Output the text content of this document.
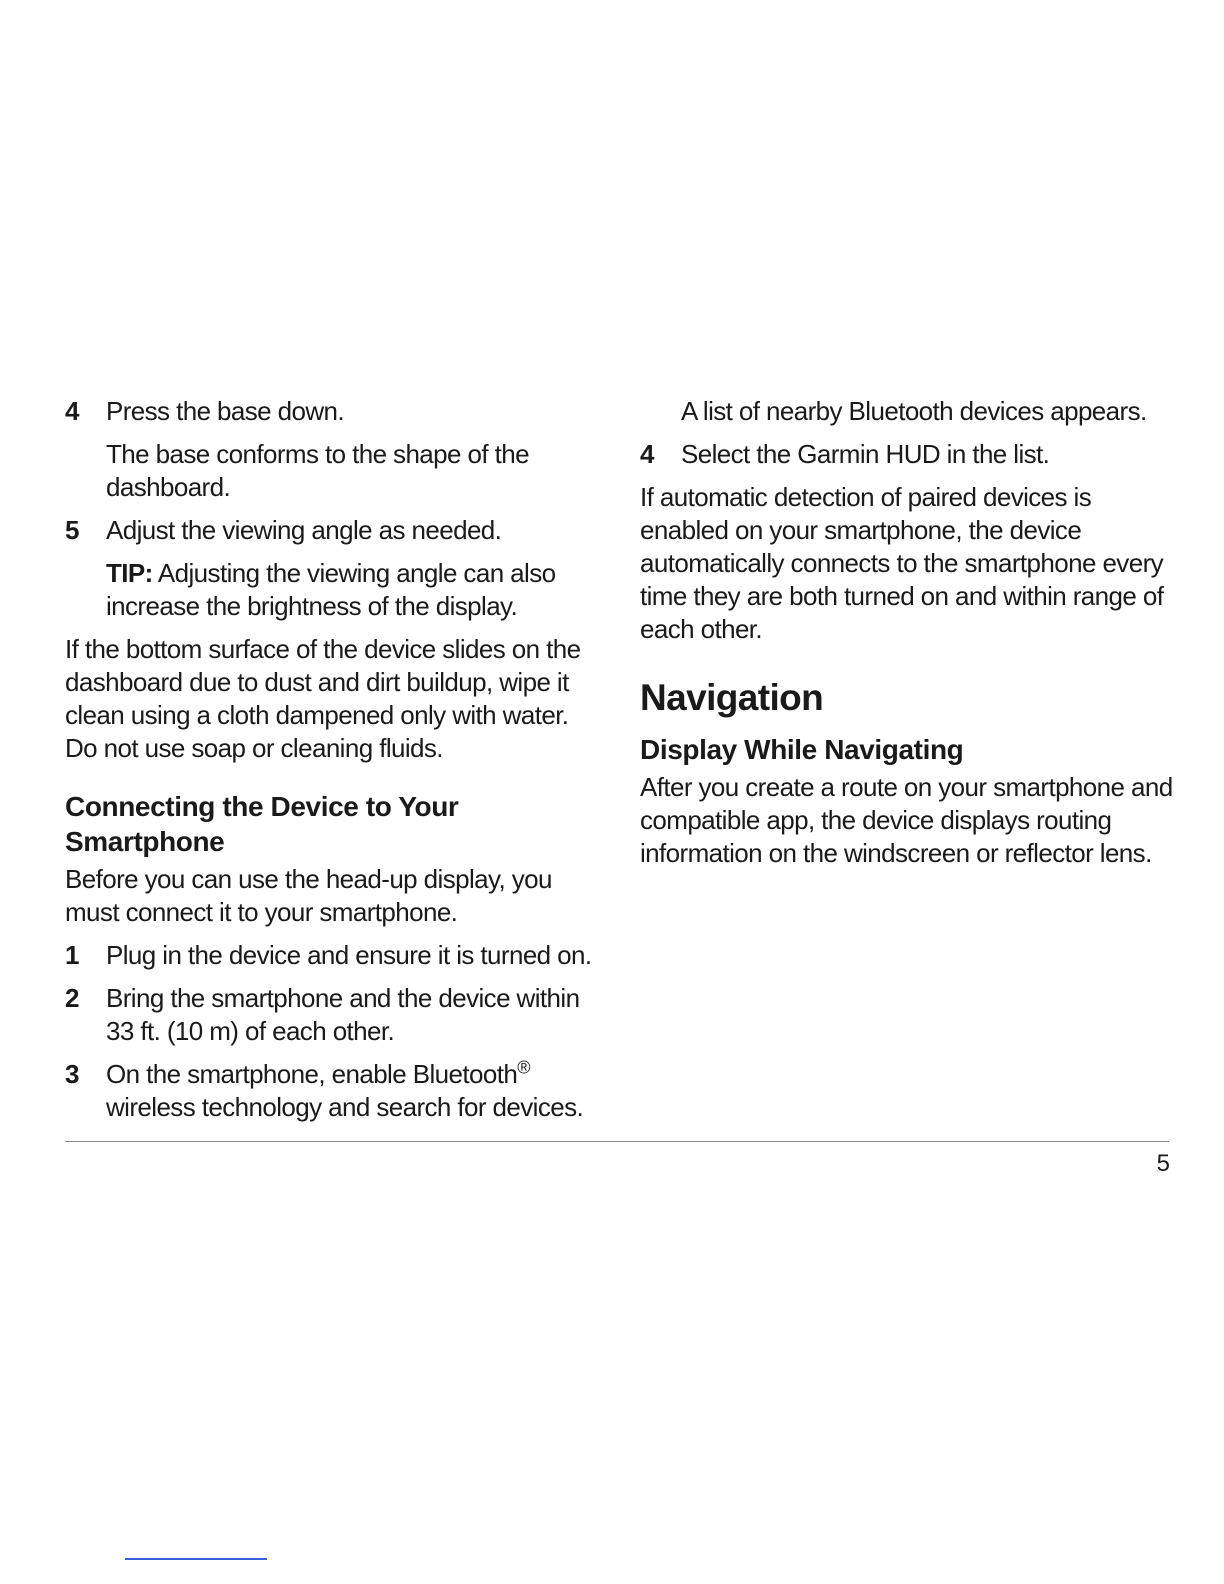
4	Press the base down.
The base conforms to the shape of the dashboard.
5	Adjust the viewing angle as needed.
TIP: Adjusting the viewing angle can also increase the brightness of the display.
If the bottom surface of the device slides on the dashboard due to dust and dirt buildup, wipe it clean using a cloth dampened only with water. Do not use soap or cleaning fluids.
Connecting the Device to Your Smartphone
Before you can use the head-up display, you must connect it to your smartphone.
1	Plug in the device and ensure it is turned on.
2	Bring the smartphone and the device within 33 ft. (10 m) of each other.
3	On the smartphone, enable Bluetooth® wireless technology and search for devices.
A list of nearby Bluetooth devices appears.
4	Select the Garmin HUD in the list.
If automatic detection of paired devices is enabled on your smartphone, the device automatically connects to the smartphone every time they are both turned on and within range of each other.
Navigation
Display While Navigating
After you create a route on your smartphone and compatible app, the device displays routing information on the windscreen or reflector lens.
5
